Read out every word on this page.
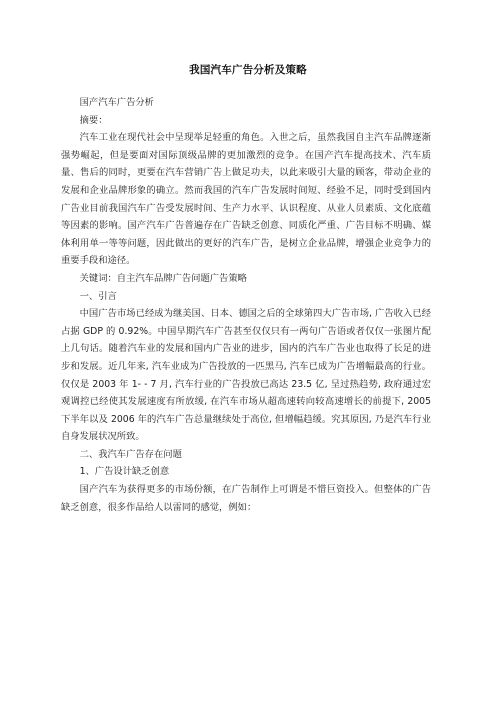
我国汽车广告分析及策略

国产汽车广告分析

摘要：

汽车工业在现代社会中呈现举足轻重的角色。入世之后，虽然我国自主汽车品牌逐渐强势崛起，但是要面对国际顶级品牌的更加激烈的竞争。在国产汽车提高技术、汽车质量、售后的同时，更要在汽车营销广告上做足功夫，以此来吸引大量的顾客，带动企业的发展和企业品牌形象的确立。然而我国的汽车广告发展时间短、经验不足，同时受到国内广告业目前我国汽车广告受发展时间、生产力水平、认识程度、从业人员素质、文化底蕴等因素的影响。国产汽车广告普遍存在广告缺乏创意、同质化严重、广告目标不明确、媒体利用单一等等问题，因此做出的更好的汽车广告，是树立企业品牌，增强企业竞争力的重要手段和途径。

关键词：自主汽车品牌广告问题广告策略

一、引言

中国广告市场已经成为继美国、日本、德国之后的全球第四大广告市场, 广告收入已经占据 GDP 的 0.92%。中国早期汽车广告甚至仅仅只有一两句广告语或者仅仅一张图片配上几句话。随着汽车业的发展和国内广告业的进步，国内的汽车广告业也取得了长足的进步和发展。近几年来, 汽车业成为广告投放的一匹黑马, 汽车已成为广告增幅最高的行业。仅仅是 2003 年 1- - 7 月, 汽车行业的广告投放已高达 23.5 亿, 呈过热趋势, 政府通过宏观调控已经使其发展速度有所放缓, 在汽车市场从超高速转向较高速增长的前提下, 2005 下半年以及 2006 年的汽车广告总量继续处于高位, 但增幅趋缓。究其原因, 乃是汽车行业自身发展状况所致。

二、我汽车广告存在问题

1、广告设计缺乏创意

国产汽车为获得更多的市场份额，在广告制作上可谓是不惜巨资投入。但整体的广告缺乏创意，很多作品给人以雷同的感觉，例如：
